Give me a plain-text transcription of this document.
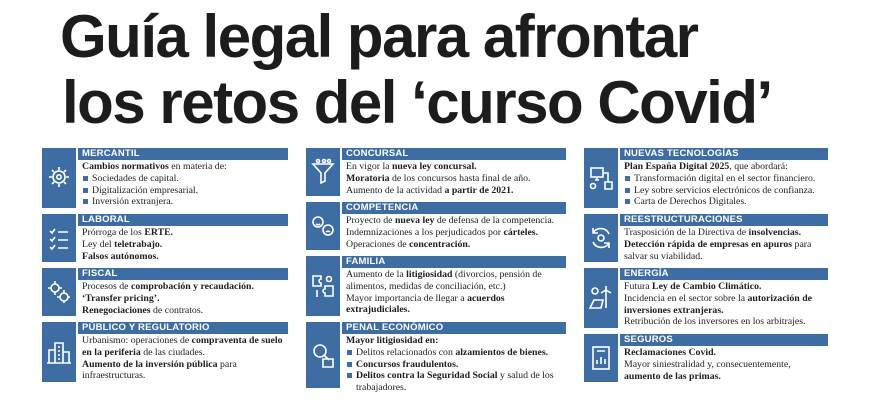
Guía legal para afrontar
los retos del ‘curso Covid’
MERCANTIL

Cambios normativos en materia de:

Sociedades de capital.

Digitalización empresarial.

Inversión extranjera.

LABORAL

Prórroga de los ERTE.

Ley del teletrabajo.

Falsos autónomos.

FISCAL

Procesos de comprobación y recaudación.

‘Transfer pricing’.

Renegociaciones de contratos.

PÚBLICO Y REGULATORIO

Urbanismo: operaciones de compraventa de suelo en la periferia de las ciudades.

Aumento de la inversión pública para infraestructuras.

CONCURSAL

En vigor la nueva ley concursal.

Moratoria de los concursos hasta final de año.

Aumento de la actividad a partir de 2021.

COMPETENCIA

Proyecto de nueva ley de defensa de la competencia.

Indemnizaciones a los perjudicados por cárteles.

Operaciones de concentración.

FAMILIA

Aumento de la litigiosidad (divorcios, pensión de alimentos, medidas de conciliación, etc.)

Mayor importancia de llegar a acuerdos extrajudiciales.

PENAL ECONÓMICO

Mayor litigiosidad en:

Delitos relacionados con alzamientos de bienes.

Concursos fraudulentos.

Delitos contra la Seguridad Social y salud de los trabajadores.

NUEVAS TECNOLOGÍAS

Plan España Digital 2025, que abordará:

Transformación digital en el sector financiero.

Ley sobre servicios electrónicos de confianza.

Carta de Derechos Digitales.

REESTRUCTURACIONES

Trasposición de la Directiva de insolvencias.

Detección rápida de empresas en apuros para salvar su viabilidad.

ENERGÍA

Futura Ley de Cambio Climático.

Incidencia en el sector sobre la autorización de inversiones extranjeras.

Retribución de los inversores en los arbitrajes.

SEGUROS

Reclamaciones Covid.

Mayor siniestralidad y, consecuentemente, aumento de las primas.
